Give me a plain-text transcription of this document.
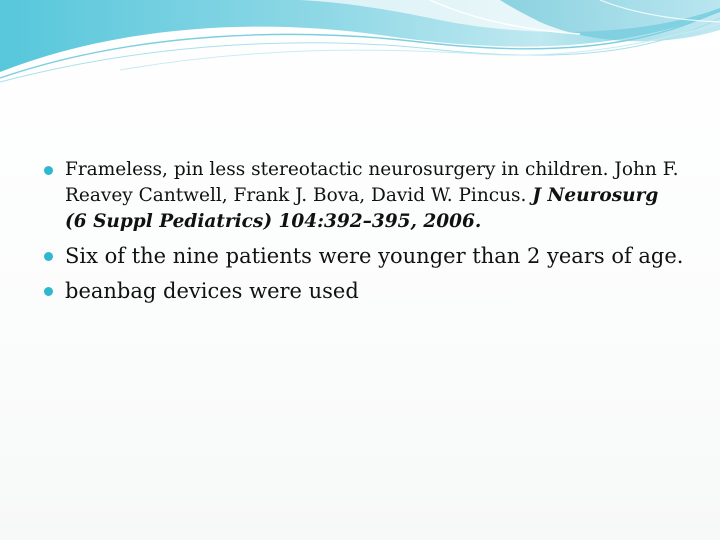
Frameless, pin less stereotactic neurosurgery in children. John F. Reavey Cantwell, Frank J. Bova, David W. Pincus. J Neurosurg (6 Suppl Pediatrics) 104:392–395, 2006.
Six of the nine patients were younger than 2 years of age.
beanbag devices were used
